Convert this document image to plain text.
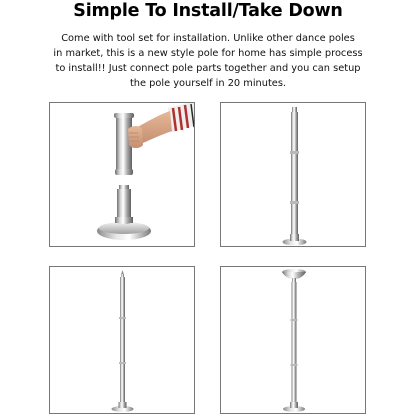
Simple To Install/Take Down
Come with tool set for installation. Unlike other dance poles
in market, this is a new style pole for home has simple process
to install!! Just connect pole parts together and you can setup
the pole yourself in 20 minutes.
